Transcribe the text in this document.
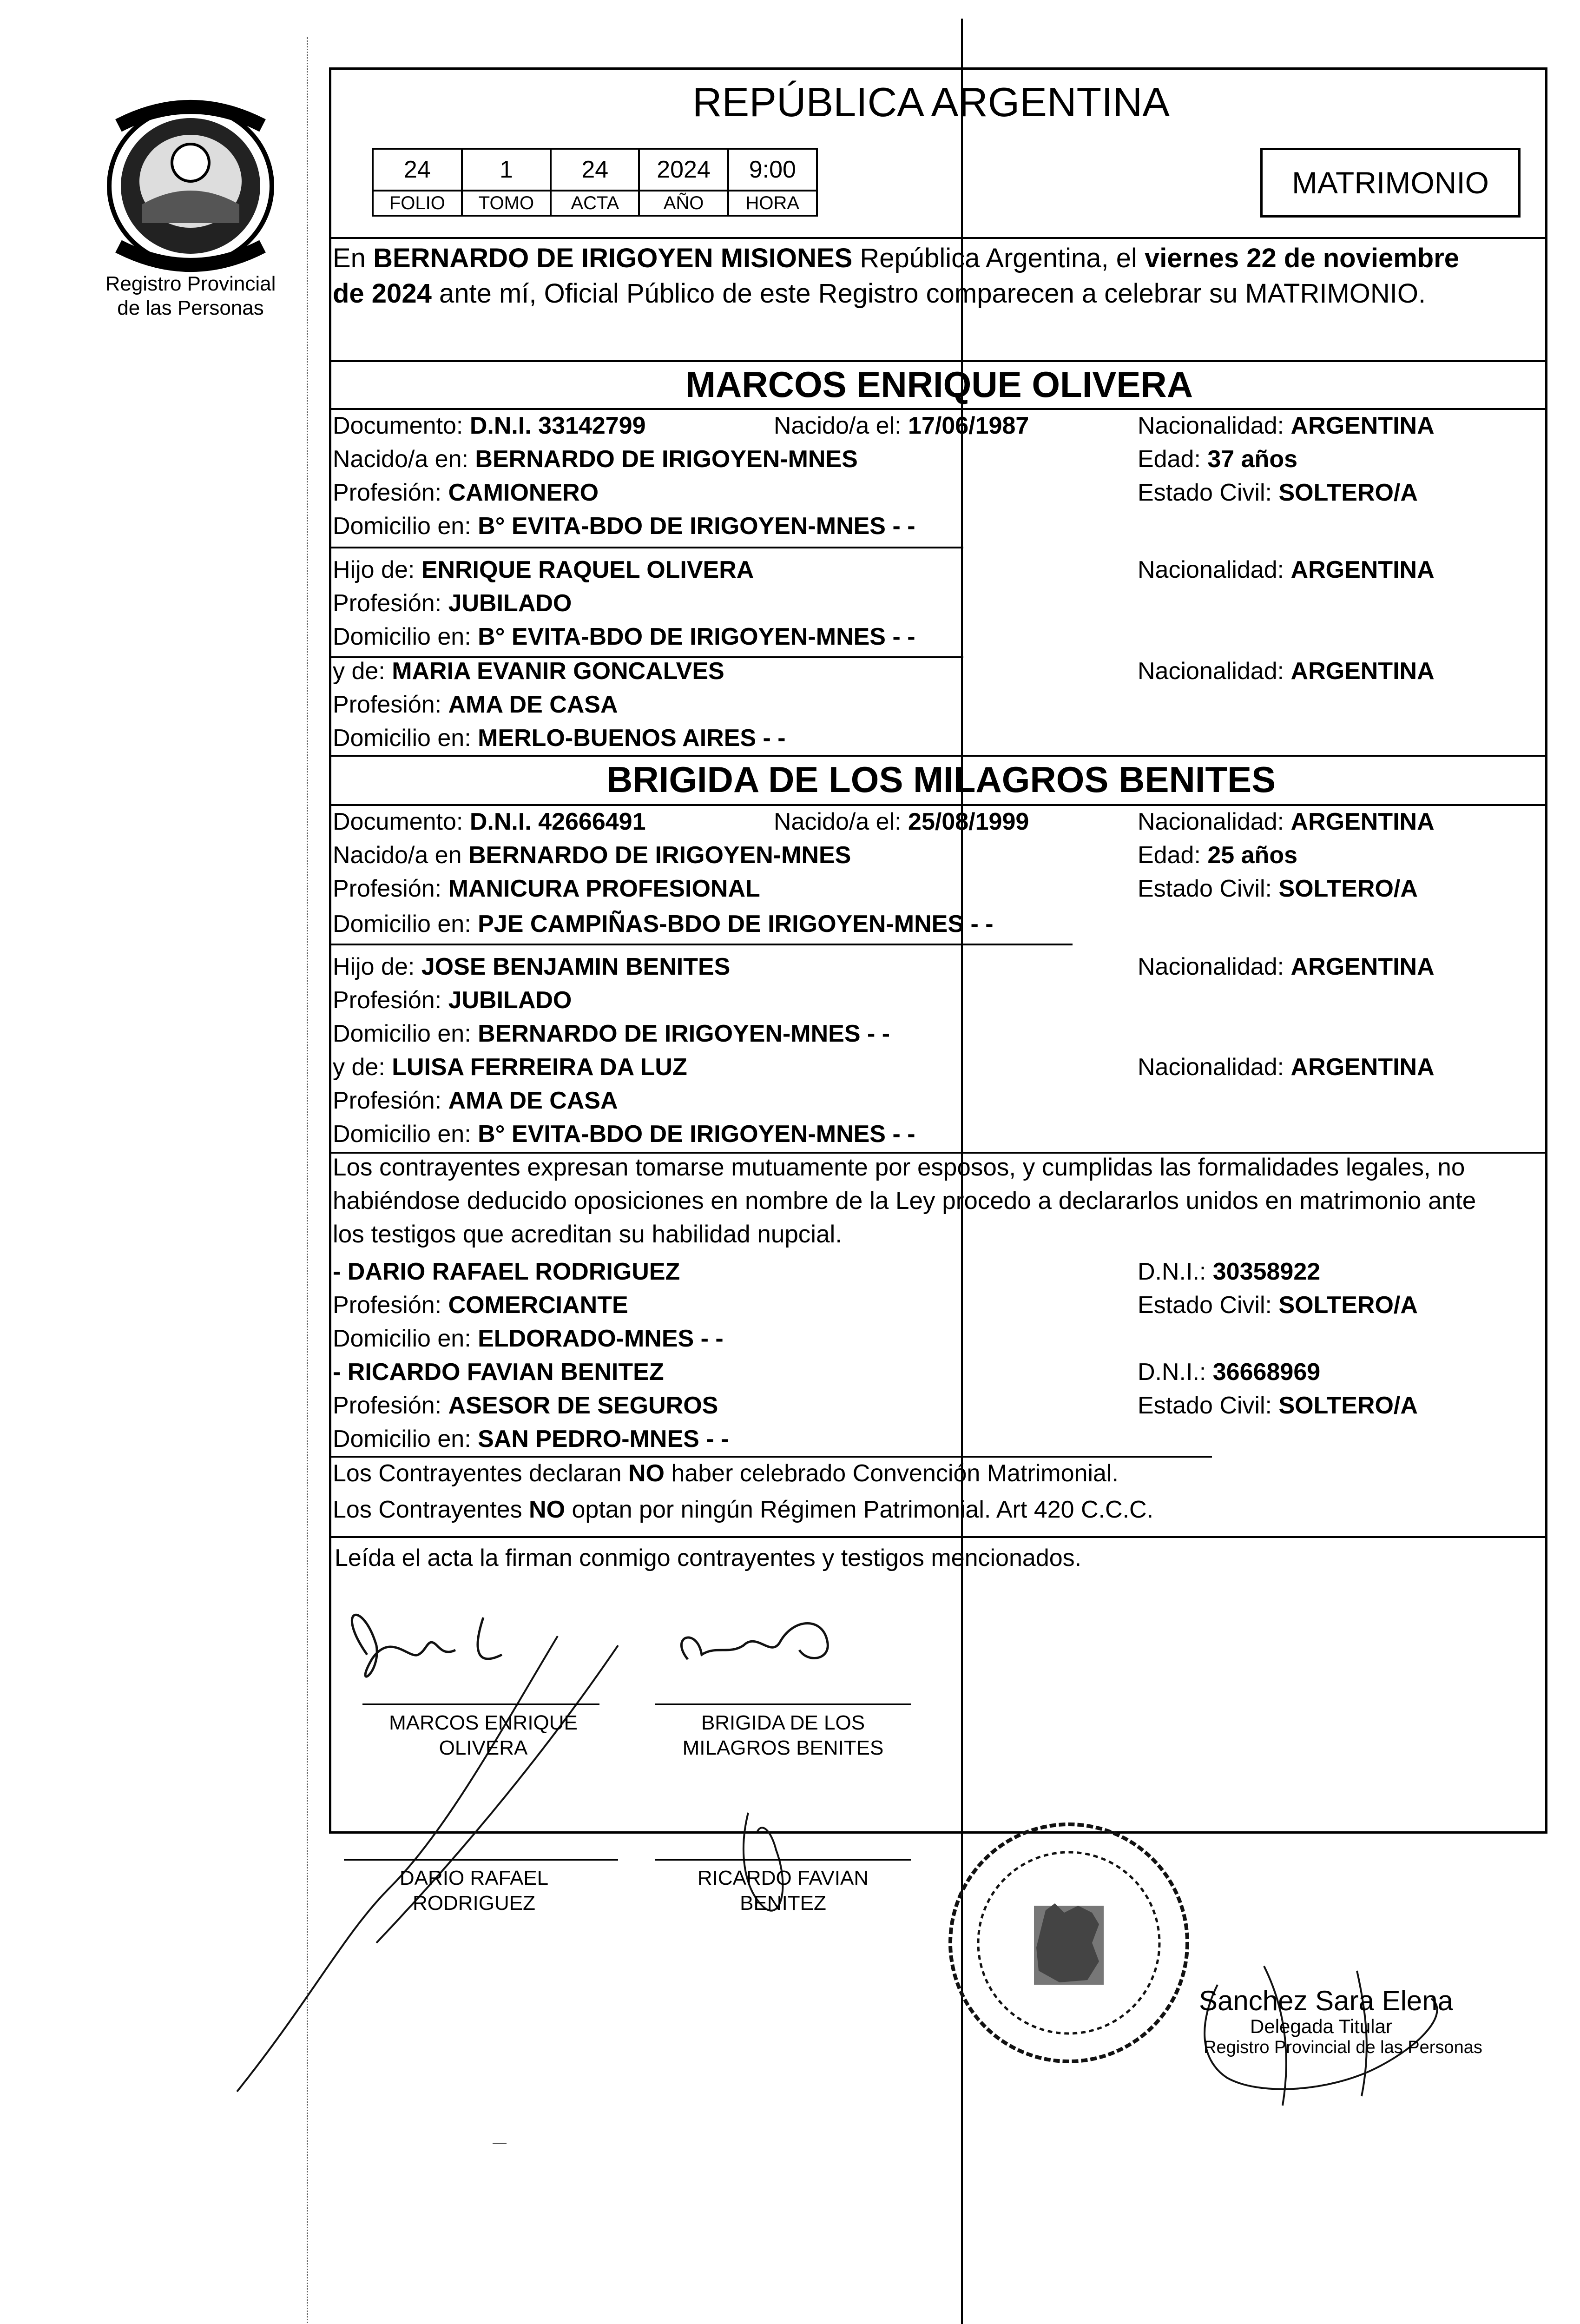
Registro Provincial
de las Personas
REPÚBLICA ARGENTINA
24	1	24	2024	9:00
FOLIO	TOMO	ACTA	AÑO	HORA
MATRIMONIO
En BERNARDO DE IRIGOYEN MISIONES República Argentina, el viernes 22 de noviembre
de 2024 ante mí, Oficial Público de este Registro comparecen a celebrar su MATRIMONIO.
MARCOS ENRIQUE OLIVERA
Documento: D.N.I. 33142799	Nacido/a el: 17/06/1987	Nacionalidad: ARGENTINA
Nacido/a en: BERNARDO DE IRIGOYEN-MNES	Edad: 37 años
Profesión: CAMIONERO	Estado Civil: SOLTERO/A
Domicilio en: B° EVITA-BDO DE IRIGOYEN-MNES - -
Hijo de: ENRIQUE RAQUEL OLIVERA	Nacionalidad: ARGENTINA
Profesión: JUBILADO
Domicilio en: B° EVITA-BDO DE IRIGOYEN-MNES - -
y de: MARIA EVANIR GONCALVES	Nacionalidad: ARGENTINA
Profesión: AMA DE CASA
Domicilio en: MERLO-BUENOS AIRES - -
BRIGIDA DE LOS MILAGROS BENITES
Documento: D.N.I. 42666491	Nacido/a el: 25/08/1999	Nacionalidad: ARGENTINA
Nacido/a en BERNARDO DE IRIGOYEN-MNES	Edad: 25 años
Profesión: MANICURA PROFESIONAL	Estado Civil: SOLTERO/A
Domicilio en: PJE CAMPIÑAS-BDO DE IRIGOYEN-MNES - -
Hijo de: JOSE BENJAMIN BENITES	Nacionalidad: ARGENTINA
Profesión: JUBILADO
Domicilio en: BERNARDO DE IRIGOYEN-MNES - -
y de: LUISA FERREIRA DA LUZ	Nacionalidad: ARGENTINA
Profesión: AMA DE CASA
Domicilio en: B° EVITA-BDO DE IRIGOYEN-MNES - -
Los contrayentes expresan tomarse mutuamente por esposos, y cumplidas las formalidades legales, no
habiéndose deducido oposiciones en nombre de la Ley procedo a declararlos unidos en matrimonio ante
los testigos que acreditan su habilidad nupcial.
- DARIO RAFAEL RODRIGUEZ	D.N.I.: 30358922
Profesión: COMERCIANTE	Estado Civil: SOLTERO/A
Domicilio en: ELDORADO-MNES - -
- RICARDO FAVIAN BENITEZ	D.N.I.: 36668969
Profesión: ASESOR DE SEGUROS	Estado Civil: SOLTERO/A
Domicilio en: SAN PEDRO-MNES - -
Los Contrayentes declaran NO haber celebrado Convención Matrimonial.
Los Contrayentes NO optan por ningún Régimen Patrimonial. Art 420 C.C.C.
Leída el acta la firman conmigo contrayentes y testigos mencionados.
MARCOS ENRIQUE
OLIVERA
BRIGIDA DE LOS
MILAGROS BENITES
DARIO RAFAEL
RODRIGUEZ
RICARDO FAVIAN
BENITEZ
Sanchez Sara Elena
Delegada Titular
Registro Provincial de las Personas
